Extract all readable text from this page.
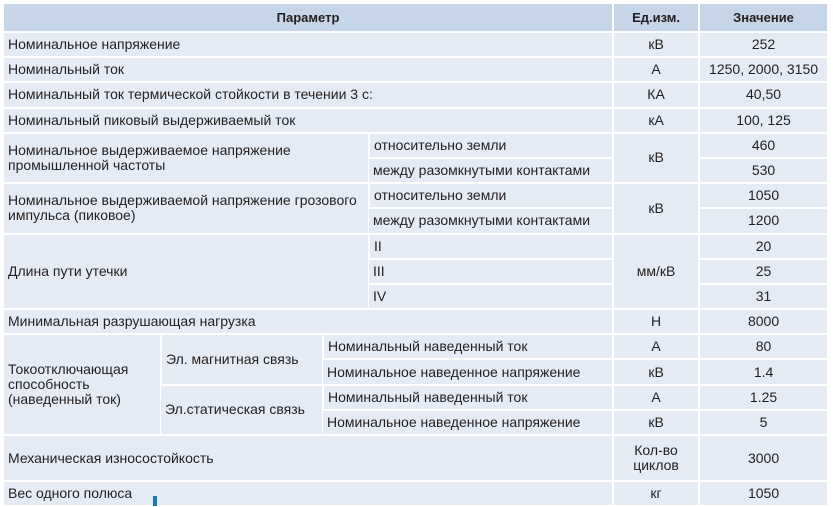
Параметр				Ед.изм.	Значение
Номинальное напряжение				кВ	252
Номинальный ток				А	1250, 2000, 3150
Номинальный ток термической стойкости в течении 3 с:				КА	40,50
Номинальный пиковый выдерживаемый ток				кА	100, 125
Номинальное выдерживаемое напряжение промышленной частоты			относительно земли	кВ	460
			между разомкнутыми контактами		530
Номинальное выдерживаемой напряжение грозового импульса (пиковое)			относительно земли	кВ	1050
			между разомкнутыми контактами		1200
Длина пути утечки			II	мм/кВ	20
			III		25
			IV		31
Минимальная разрушающая нагрузка				Н	8000
Токоотключающая способность (наведенный ток)	Эл. магнитная связь	Номинальный наведенный ток		А	80
		Номинальное наведенное напряжение		кВ	1.4
	Эл.статическая связь	Номинальный наведенный ток		А	1.25
		Номинальное наведенное напряжение		кВ	5
Механическая износостойкость				Кол-во циклов	3000
Вес одного полюса				кг	1050
